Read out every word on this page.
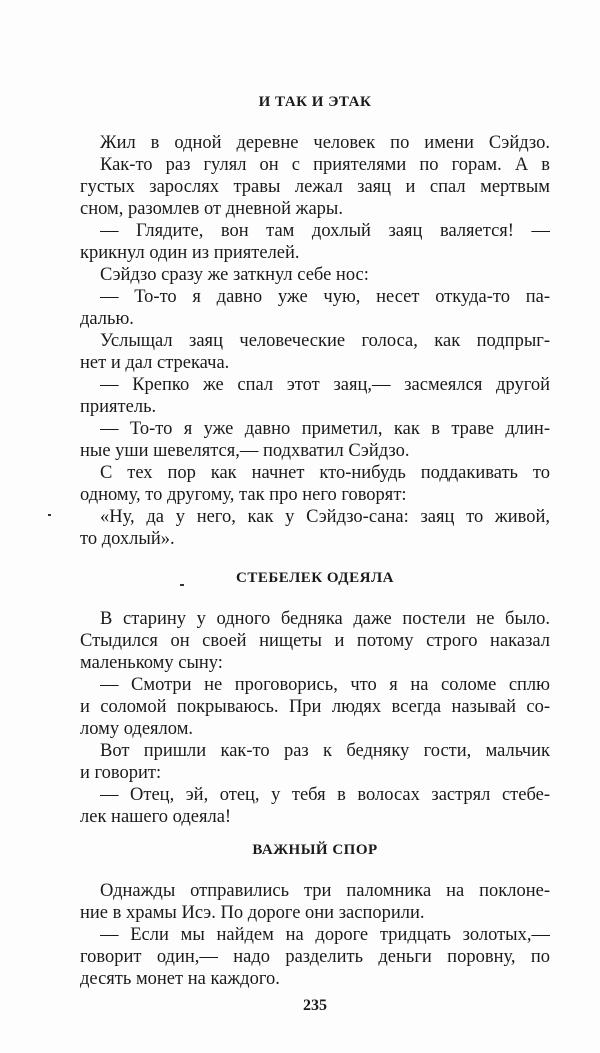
И ТАК И ЭТАК
Жил в одной деревне человек по имени Сэйдзо.
Как-то раз гулял он с приятелями по горам. А в
густых зарослях травы лежал заяц и спал мертвым
сном, разомлев от дневной жары.
— Глядите, вон там дохлый заяц валяется! —
крикнул один из приятелей.
Сэйдзо сразу же заткнул себе нос:
— То-то я давно уже чую, несет откуда-то па-
далью.
Услыщал заяц человеческие голоса, как подпрыг-
нет и дал стрекача.
— Крепко же спал этот заяц,— засмеялся другой
приятель.
— То-то я уже давно приметил, как в траве длин-
ные уши шевелятся,— подхватил Сэйдзо.
С тех пор как начнет кто-нибудь поддакивать то
одному, то другому, так про него говорят:
«Ну, да у него, как у Сэйдзо-сана: заяц то живой,
то дохлый».
СТЕБЕЛЕК ОДЕЯЛА
В старину у одного бедняка даже постели не было.
Стыдился он своей нищеты и потому строго наказал
маленькому сыну:
— Смотри не проговорись, что я на соломе сплю
и соломой покрываюсь. При людях всегда называй со-
лому одеялом.
Вот пришли как-то раз к бедняку гости, мальчик
и говорит:
— Отец, эй, отец, у тебя в волосах застрял стебе-
лек нашего одеяла!
ВАЖНЫЙ СПОР
Однажды отправились три паломника на поклоне-
ние в храмы Исэ. По дороге они заспорили.
— Если мы найдем на дороге тридцать золотых,—
говорит один,— надо разделить деньги поровну, по
десять монет на каждого.
235
